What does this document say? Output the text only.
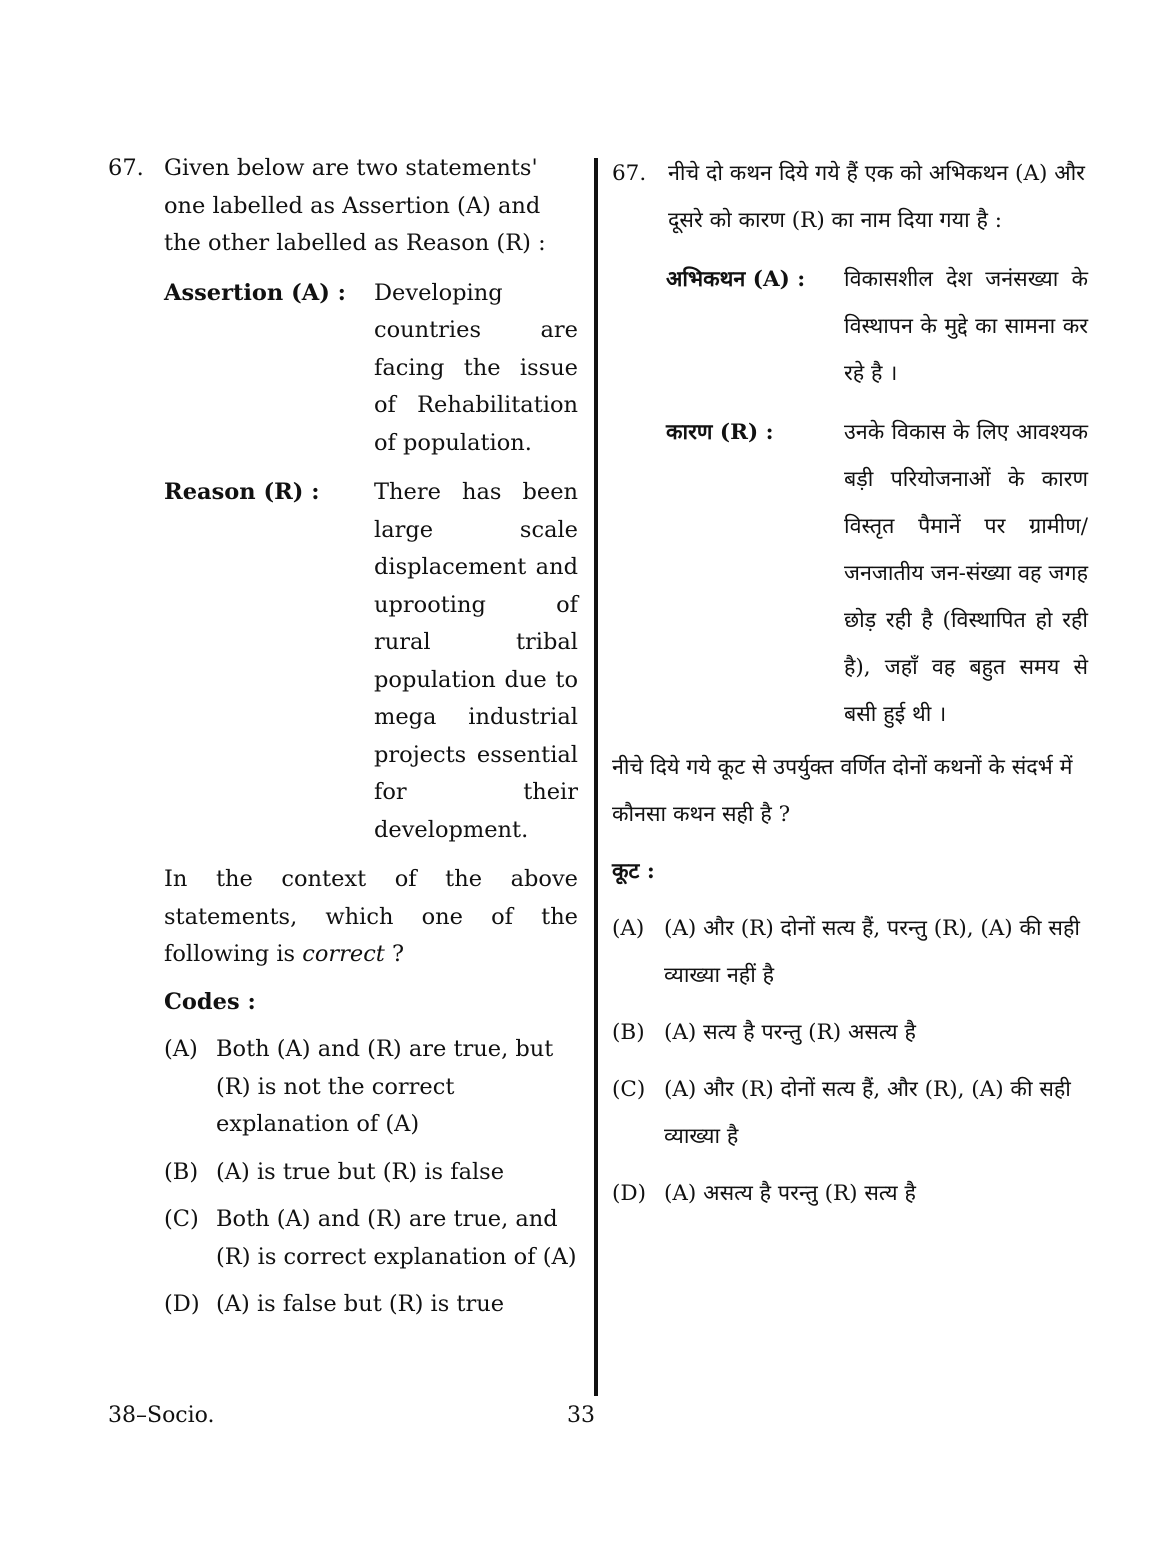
67. Given below are two statements' one labelled as Assertion (A) and the other labelled as Reason (R) :
Assertion (A) :	Developing countries are facing the issue of Rehabilitation of population.
Reason (R) :	There has been large scale displacement and uprooting of rural tribal population due to mega industrial projects essential for their development.
In the context of the above statements, which one of the following is correct ?
Codes :
(A) Both (A) and (R) are true, but (R) is not the correct explanation of (A)
(B) (A) is true but (R) is false
(C) Both (A) and (R) are true, and (R) is correct explanation of (A)
(D) (A) is false but (R) is true
67.	नीचे दो कथन दिये गये हैं एक को अभिकथन (A) और दूसरे को कारण (R) का नाम दिया गया है :
अभिकथन (A) :	विकासशील देश जनंसख्या के विस्थापन के मुद्दे का सामना कर रहे है ।
कारण (R) :	उनके विकास के लिए आवश्यक बड़ी परियोजनाओं के कारण विस्तृत पैमानें पर ग्रामीण/जनजातीय जन-संख्या वह जगह छोड़ रही है (विस्थापित हो रही है), जहाँ वह बहुत समय से बसी हुई थी ।
नीचे दिये गये कूट से उपर्युक्त वर्णित दोनों कथनों के संदर्भ में कौनसा कथन सही है ?
कूट :
(A) (A) और (R) दोनों सत्य हैं, परन्तु (R), (A) की सही व्याख्या नहीं है
(B) (A) सत्य है परन्तु (R) असत्य है
(C) (A) और (R) दोनों सत्य हैं, और (R), (A) की सही व्याख्या है
(D) (A) असत्य है परन्तु (R) सत्य है
38–Socio.	33
